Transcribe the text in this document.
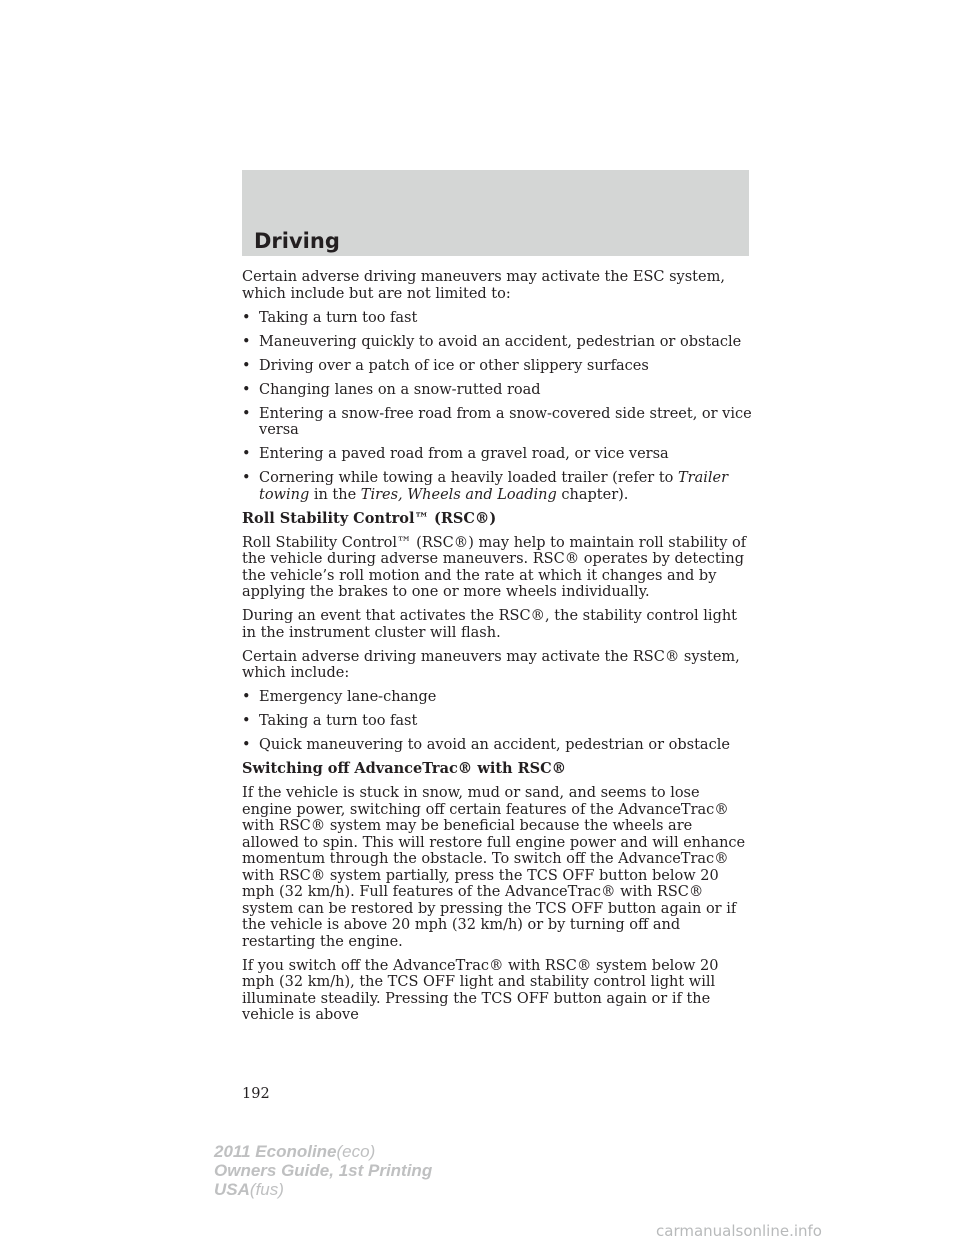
Driving

Certain adverse driving maneuvers may activate the ESC system, which include but are not limited to:

• Taking a turn too fast
• Maneuvering quickly to avoid an accident, pedestrian or obstacle
• Driving over a patch of ice or other slippery surfaces
• Changing lanes on a snow-rutted road
• Entering a snow-free road from a snow-covered side street, or vice versa
• Entering a paved road from a gravel road, or vice versa
• Cornering while towing a heavily loaded trailer (refer to Trailer towing in the Tires, Wheels and Loading chapter).
Roll Stability Control™ (RSC®)

Roll Stability Control™ (RSC®) may help to maintain roll stability of the vehicle during adverse maneuvers. RSC® operates by detecting the vehicle’s roll motion and the rate at which it changes and by applying the brakes to one or more wheels individually.

During an event that activates the RSC®, the stability control light in the instrument cluster will flash.

Certain adverse driving maneuvers may activate the RSC® system, which include:

• Emergency lane-change
• Taking a turn too fast
• Quick maneuvering to avoid an accident, pedestrian or obstacle
Switching off AdvanceTrac® with RSC®

If the vehicle is stuck in snow, mud or sand, and seems to lose engine power, switching off certain features of the AdvanceTrac® with RSC® system may be beneficial because the wheels are allowed to spin. This will restore full engine power and will enhance momentum through the obstacle. To switch off the AdvanceTrac® with RSC® system partially, press the TCS OFF button below 20 mph (32 km/h). Full features of the AdvanceTrac® with RSC® system can be restored by pressing the TCS OFF button again or if the vehicle is above 20 mph (32 km/h) or by turning off and restarting the engine.

If you switch off the AdvanceTrac® with RSC® system below 20 mph (32 km/h), the TCS OFF light and stability control light will illuminate steadily. Pressing the TCS OFF button again or if the vehicle is above

192

2011 Econoline(eco)
Owners Guide, 1st Printing
USA(fus)
carmanualsonline.info
